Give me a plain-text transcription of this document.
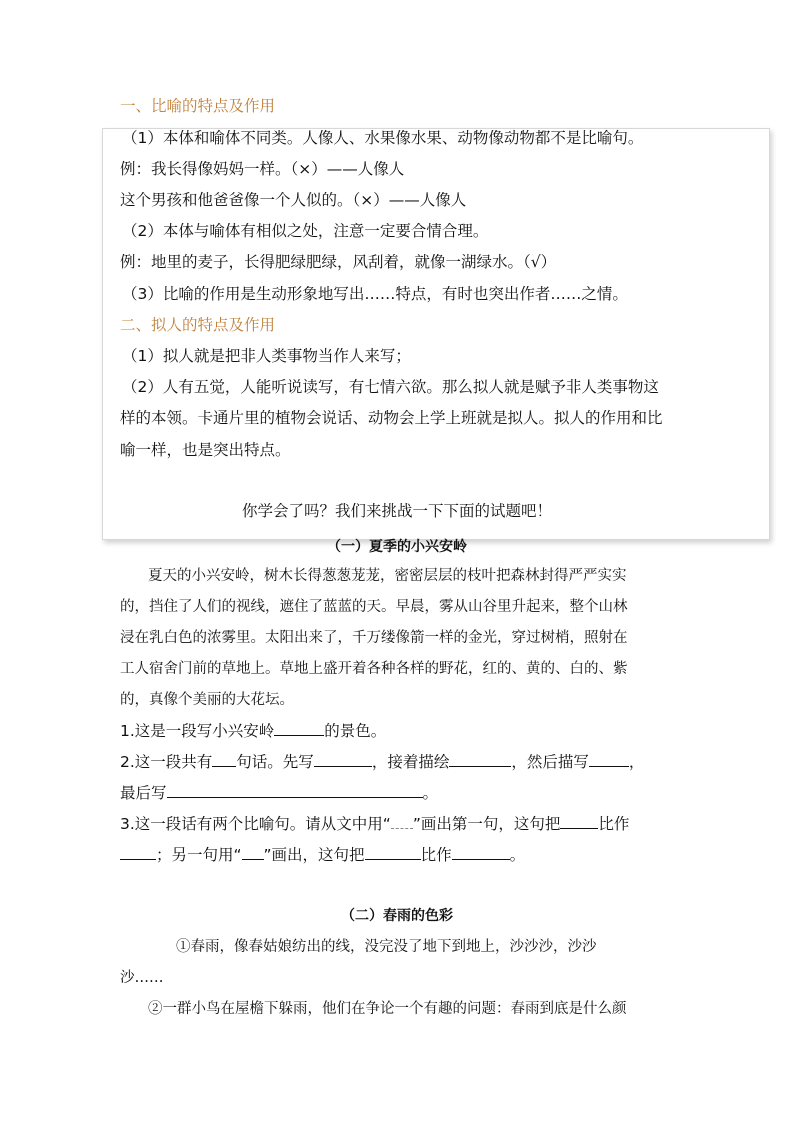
一、比喻的特点及作用
（1）本体和喻体不同类。人像人、水果像水果、动物像动物都不是比喻句。
例：我长得像妈妈一样。（×）——人像人
这个男孩和他爸爸像一个人似的。（×）——人像人
（2）本体与喻体有相似之处，注意一定要合情合理。
例：地里的麦子，长得肥绿肥绿，风刮着，就像一湖绿水。（√）
（3）比喻的作用是生动形象地写出……特点，有时也突出作者……之情。
二、拟人的特点及作用
（1）拟人就是把非人类事物当作人来写；
（2）人有五觉，人能听说读写，有七情六欲。那么拟人就是赋予非人类事物这
样的本领。卡通片里的植物会说话、动物会上学上班就是拟人。拟人的作用和比
喻一样，也是突出特点。
你学会了吗？我们来挑战一下下面的试题吧！
（一）夏季的小兴安岭
夏天的小兴安岭，树木长得葱葱茏茏，密密层层的枝叶把森林封得严严实实
的，挡住了人们的视线，遮住了蓝蓝的天。早晨，雾从山谷里升起来，整个山林
浸在乳白色的浓雾里。太阳出来了，千万缕像箭一样的金光，穿过树梢，照射在
工人宿舍门前的草地上。草地上盛开着各种各样的野花，红的、黄的、白的、紫
的，真像个美丽的大花坛。
1.这是一段写小兴安岭	的景色。
2.这一段共有 句话。先写	，接着描绘	，然后描写	，
最后写	。
3.这一段话有两个比喻句。请从文中用“ ”画出第一句，这句把 比作
；另一句用“ ”画出，这句把	比作	。
（二）春雨的色彩
①春雨，像春姑娘纺出的线，没完没了地下到地上，沙沙沙，沙沙
沙……
②一群小鸟在屋檐下躲雨，他们在争论一个有趣的问题：春雨到底是什么颜
